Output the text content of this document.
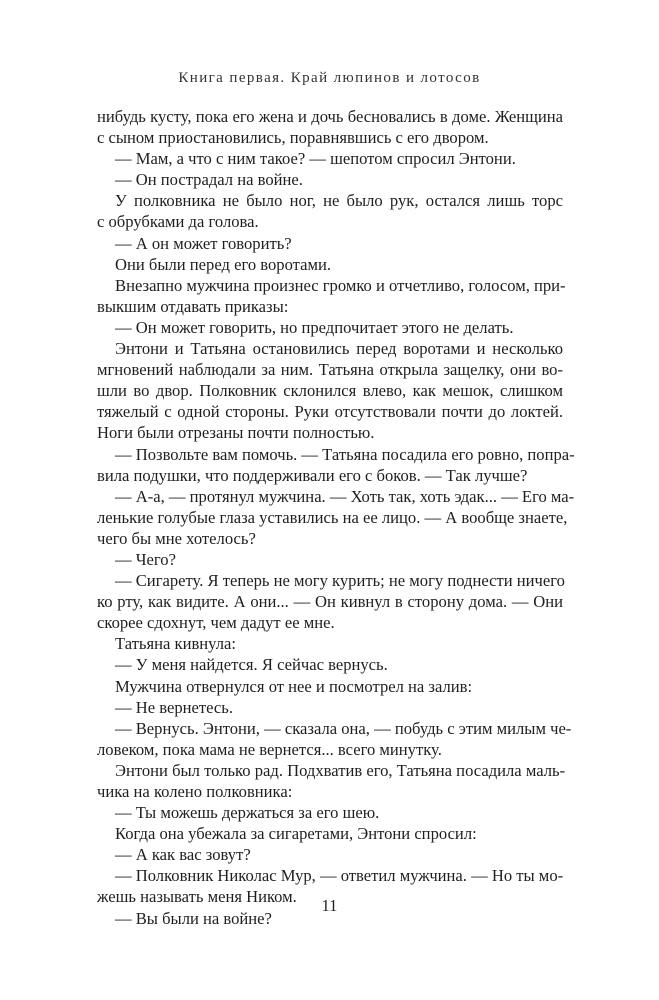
Книга первая. Край люпинов и лотосов

нибудь кусту, пока его жена и дочь бесновались в доме. Женщина
с сыном приостановились, поравнявшись с его двором.
— Мам, а что с ним такое? — шепотом спросил Энтони.
— Он пострадал на войне.
У полковника не было ног, не было рук, остался лишь торс
с обрубками да голова.
— А он может говорить?
Они были перед его воротами.
Внезапно мужчина произнес громко и отчетливо, голосом, при-
выкшим отдавать приказы:
— Он может говорить, но предпочитает этого не делать.
Энтони и Татьяна остановились перед воротами и несколько
мгновений наблюдали за ним. Татьяна открыла защелку, они во-
шли во двор. Полковник склонился влево, как мешок, слишком
тяжелый с одной стороны. Руки отсутствовали почти до локтей.
Ноги были отрезаны почти полностью.
— Позвольте вам помочь. — Татьяна посадила его ровно, попра-
вила подушки, что поддерживали его с боков. — Так лучше?
— А-а, — протянул мужчина. — Хоть так, хоть эдак... — Его ма-
ленькие голубые глаза уставились на ее лицо. — А вообще знаете,
чего бы мне хотелось?
— Чего?
— Сигарету. Я теперь не могу курить; не могу поднести ничего
ко рту, как видите. А они... — Он кивнул в сторону дома. — Они
скорее сдохнут, чем дадут ее мне.
Татьяна кивнула:
— У меня найдется. Я сейчас вернусь.
Мужчина отвернулся от нее и посмотрел на залив:
— Не вернетесь.
— Вернусь. Энтони, — сказала она, — побудь с этим милым че-
ловеком, пока мама не вернется... всего минутку.
Энтони был только рад. Подхватив его, Татьяна посадила маль-
чика на колено полковника:
— Ты можешь держаться за его шею.
Когда она убежала за сигаретами, Энтони спросил:
— А как вас зовут?
— Полковник Николас Мур, — ответил мужчина. — Но ты мо-
жешь называть меня Ником.
— Вы были на войне?

11
